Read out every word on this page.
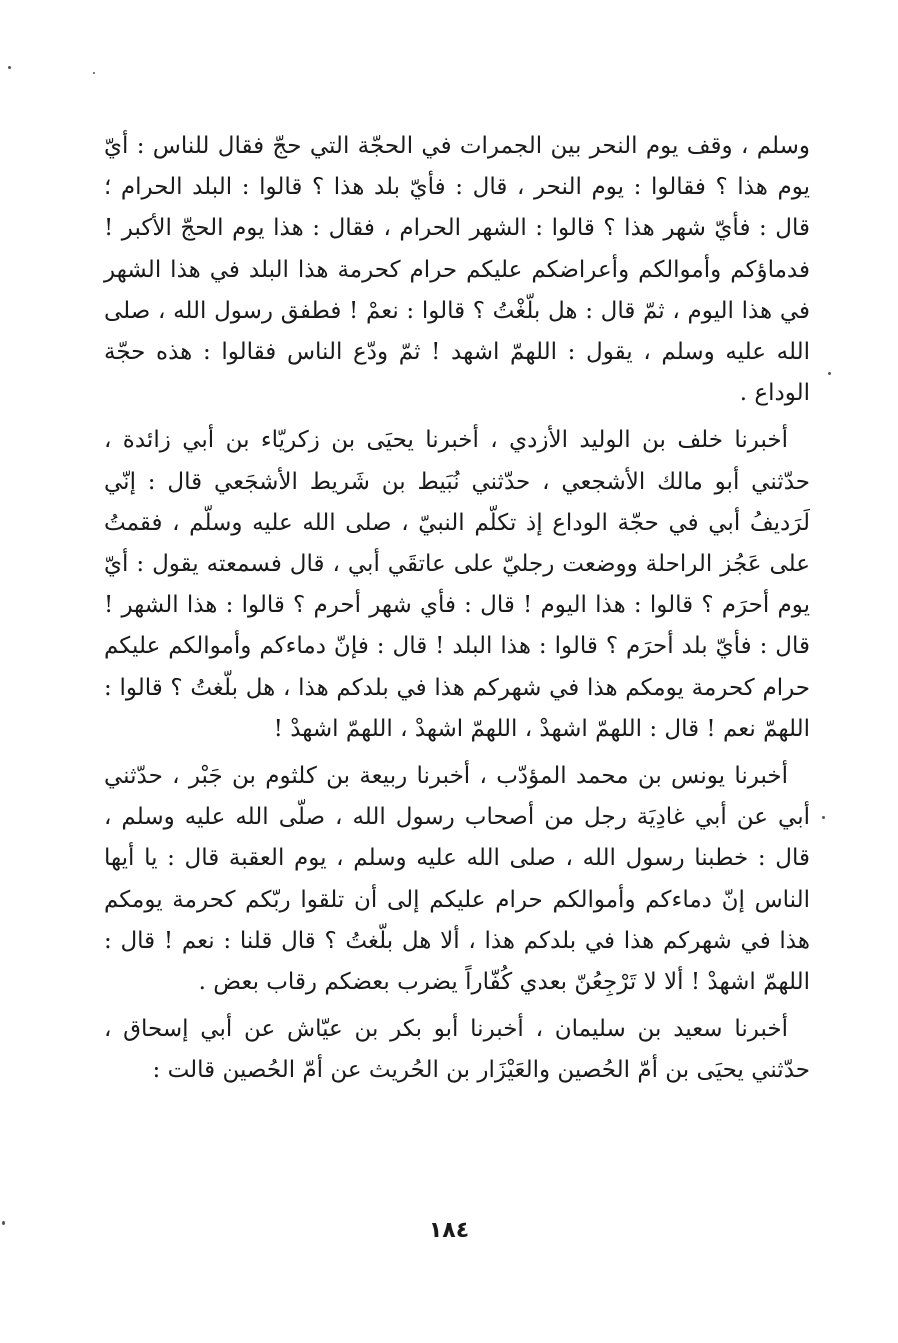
وسلم ، وقف يوم النحر بين الجمرات في الحجّة التي حجّ فقال للناس : أيّ يوم هذا ؟ فقالوا : يوم النحر ، قال : فأيّ بلد هذا ؟ قالوا : البلد الحرام ؛ قال : فأيّ شهر هذا ؟ قالوا : الشهر الحرام ، فقال : هذا يوم الحجّ الأكبر ! فدماؤكم وأموالكم وأعراضكم عليكم حرام كحرمة هذا البلد في هذا الشهر في هذا اليوم ، ثمّ قال : هل بلّغْتُ ؟ قالوا : نعمْ ! فطفق رسول الله ، صلى الله عليه وسلم ، يقول : اللهمّ اشهد ! ثمّ ودّع الناس فقالوا : هذه حجّة الوداع .

أخبرنا خلف بن الوليد الأزدي ، أخبرنا يحيَى بن زكريّاء بن أبي زائدة ، حدّثني أبو مالك الأشجعي ، حدّثني نُبَيط بن شَريط الأشجَعي قال : إنّي لَرَديفُ أبي في حجّة الوداع إذ تكلّم النبيّ ، صلى الله عليه وسلّم ، فقمتُ على عَجُز الراحلة ووضعت رجليّ على عاتقَي أبي ، قال فسمعته يقول : أيّ يوم أحرَم ؟ قالوا : هذا اليوم ! قال : فأي شهر أحرم ؟ قالوا : هذا الشهر ! قال : فأيّ بلد أحرَم ؟ قالوا : هذا البلد ! قال : فإنّ دماءكم وأموالكم عليكم حرام كحرمة يومكم هذا في شهركم هذا في بلدكم هذا ، هل بلّغتُ ؟ قالوا : اللهمّ نعم ! قال : اللهمّ اشهدْ ، اللهمّ اشهدْ ، اللهمّ اشهدْ !

أخبرنا يونس بن محمد المؤدّب ، أخبرنا ربيعة بن كلثوم بن جَبْر ، حدّثني أبي عن أبي غادِيَة رجل من أصحاب رسول الله ، صلّى الله عليه وسلم ، قال : خطبنا رسول الله ، صلى الله عليه وسلم ، يوم العقبة قال : يا أيها الناس إنّ دماءكم وأموالكم حرام عليكم إلى أن تلقوا ربّكم كحرمة يومكم هذا في شهركم هذا في بلدكم هذا ، ألا هل بلّغتُ ؟ قال قلنا : نعم ! قال : اللهمّ اشهدْ ! ألا لا تَرْجِعُنّ بعدي كُفّاراً يضرب بعضكم رقاب بعض .

أخبرنا سعيد بن سليمان ، أخبرنا أبو بكر بن عيّاش عن أبي إسحاق ، حدّثني يحيَى بن أمّ الحُصين والعَيْزَار بن الحُريث عن أمّ الحُصين قالت :

١٨٤
